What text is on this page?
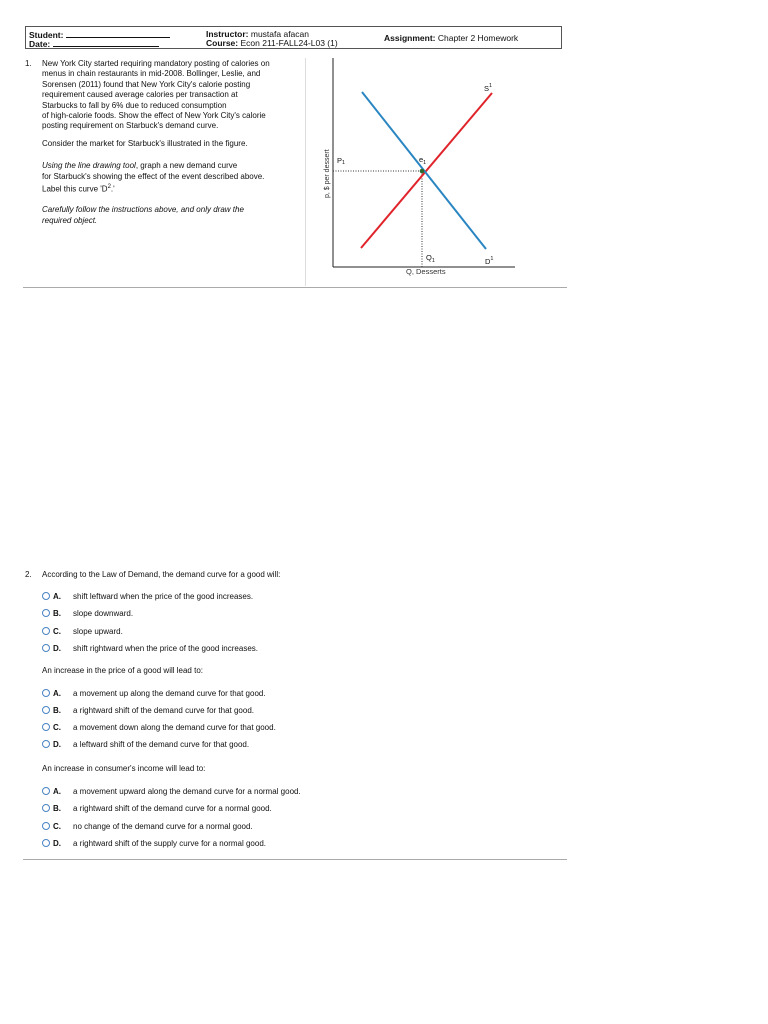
Student:
Date:
Instructor: mustafa afacan
Course: Econ 211-FALL24-L03 (1)	Assignment: Chapter 2 Homework
1. New York City started requiring mandatory posting of calories on
menus in chain restaurants in mid-2008. Bollinger, Leslie, and
Sorensen (2011) found that New York City's calorie posting
requirement caused average calories per transaction at
Starbucks to fall by 6% due to reduced consumption
of high-calorie foods. Show the effect of New York City's calorie
posting requirement on Starbuck's demand curve.

Consider the market for Starbuck's illustrated in the figure.

Using the line drawing tool, graph a new demand curve
for Starbuck's showing the effect of the event described above.
Label this curve '$D^2$.'

Carefully follow the instructions above, and only draw the
required object.

p, $ per dessert
Q, Desserts
P1	$e_1$
$Q_1$
$S^1$
$D^1$
2. According to the Law of Demand, the demand curve for a good will:
A. shift leftward when the price of the good increases.
B. slope downward.
C. slope upward.
D. shift rightward when the price of the good increases.
An increase in the price of a good will lead to:
A. a movement up along the demand curve for that good.
B. a rightward shift of the demand curve for that good.
C. a movement down along the demand curve for that good.
D. a leftward shift of the demand curve for that good.
An increase in consumer's income will lead to:
A. a movement upward along the demand curve for a normal good.
B. a rightward shift of the demand curve for a normal good.
C. no change of the demand curve for a normal good.
D. a rightward shift of the supply curve for a normal good.
